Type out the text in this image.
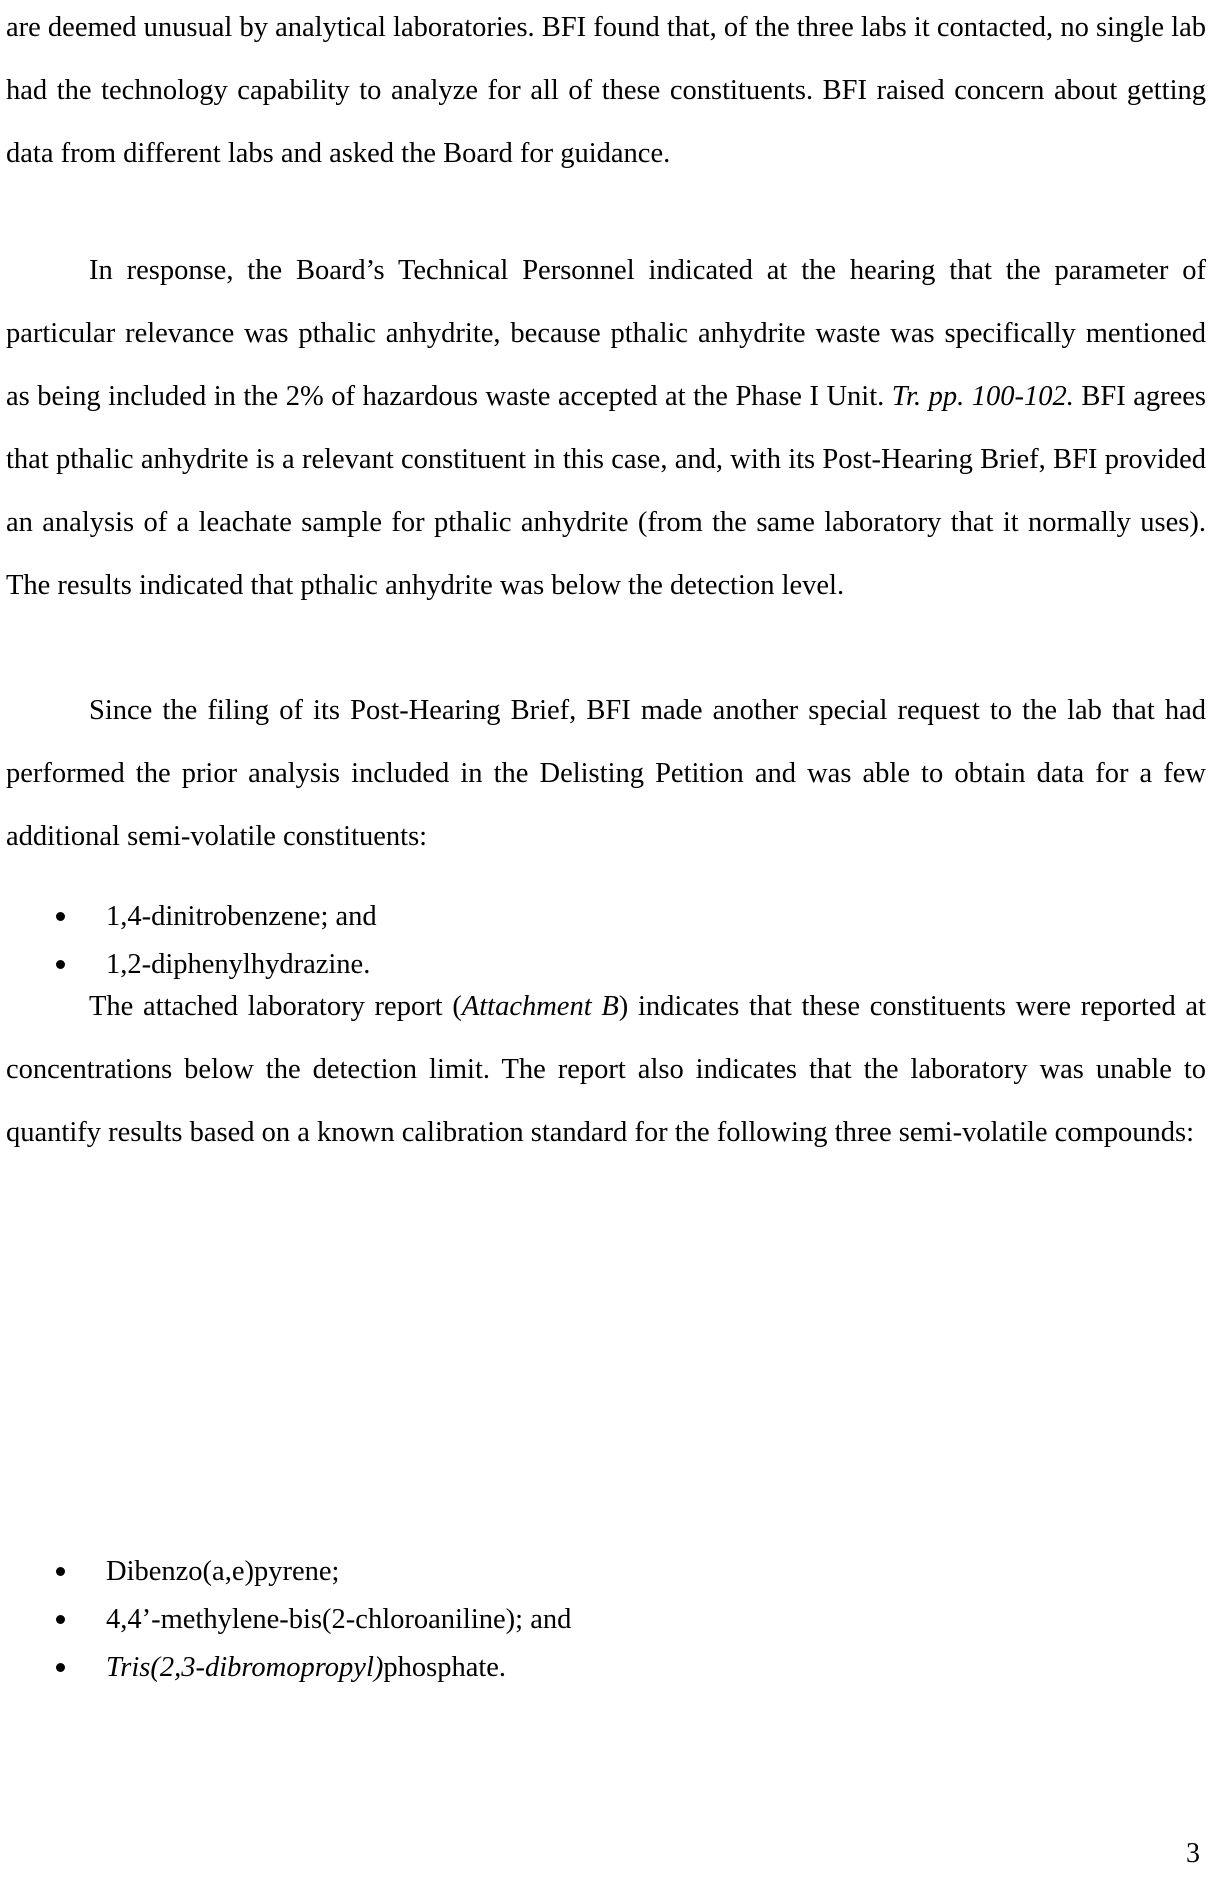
are deemed unusual by analytical laboratories. BFI found that, of the three labs it contacted, no single lab had the technology capability to analyze for all of these constituents. BFI raised concern about getting data from different labs and asked the Board for guidance.

In response, the Board’s Technical Personnel indicated at the hearing that the parameter of particular relevance was pthalic anhydrite, because pthalic anhydrite waste was specifically mentioned as being included in the 2% of hazardous waste accepted at the Phase I Unit. Tr. pp. 100-102. BFI agrees that pthalic anhydrite is a relevant constituent in this case, and, with its Post-Hearing Brief, BFI provided an analysis of a leachate sample for pthalic anhydrite (from the same laboratory that it normally uses). The results indicated that pthalic anhydrite was below the detection level.

Since the filing of its Post-Hearing Brief, BFI made another special request to the lab that had performed the prior analysis included in the Delisting Petition and was able to obtain data for a few additional semi-volatile constituents:

1,4-dinitrobenzene; and
1,2-diphenylhydrazine.

The attached laboratory report (Attachment B) indicates that these constituents were reported at concentrations below the detection limit. The report also indicates that the laboratory was unable to quantify results based on a known calibration standard for the following three semi-volatile compounds:

Dibenzo(a,e)pyrene;
4,4’-methylene-bis(2-chloroaniline); and
Tris(2,3-dibromopropyl)phosphate.
3
